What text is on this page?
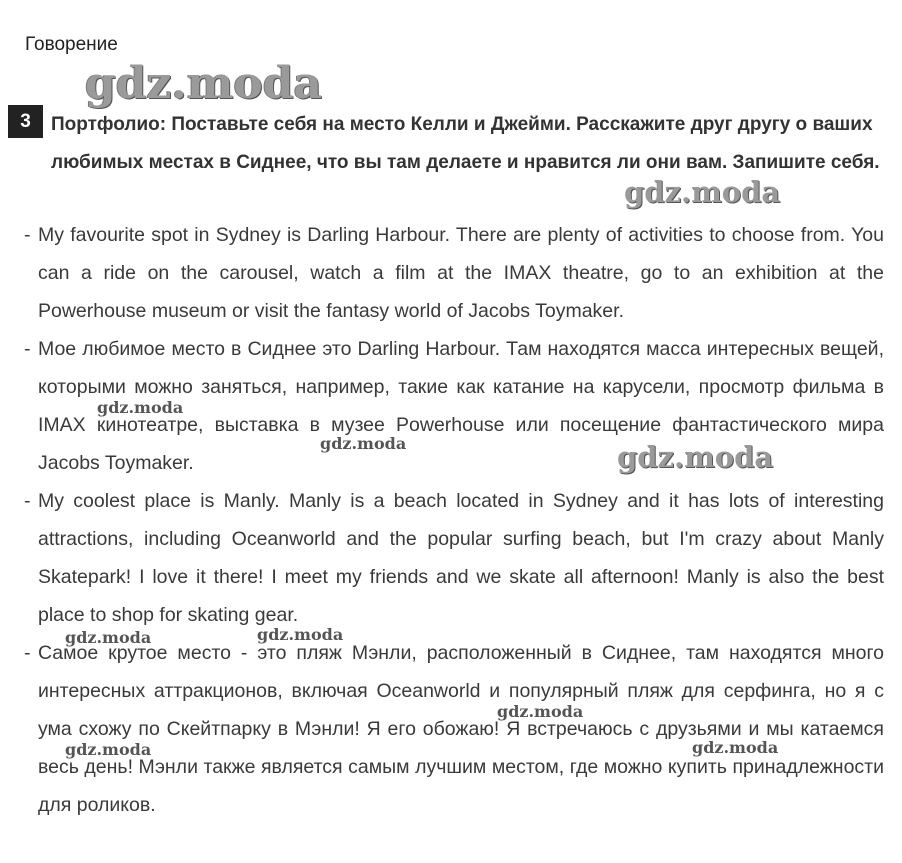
Говорение
3	Портфолио: Поставьте себя на место Келли и Джейми. Расскажите друг другу о ваших любимых местах в Сиднее, что вы там делаете и нравится ли они вам. Запишите себя.

- My favourite spot in Sydney is Darling Harbour. There are plenty of activities to choose from. You can a ride on the carousel, watch a film at the IMAX theatre, go to an exhibition at the Powerhouse museum or visit the fantasy world of Jacobs Toymaker.

- Мое любимое место в Сиднее это Darling Harbour. Там находятся масса интересных вещей, которыми можно заняться, например, такие как катание на карусели, просмотр фильма в IMAX кинотеатре, выставка в музее Powerhouse или посещение фантастического мира Jacobs Toymaker.

- My coolest place is Manly. Manly is a beach located in Sydney and it has lots of interesting attractions, including Oceanworld and the popular surfing beach, but I'm crazy about Manly Skatepark! I love it there! I meet my friends and we skate all afternoon! Manly is also the best place to shop for skating gear.

- Самое крутое место - это пляж Мэнли, расположенный в Сиднее, там находятся много интересных аттракционов, включая Oceanworld и популярный пляж для серфинга, но я с ума схожу по Скейтпарку в Мэнли! Я его обожаю! Я встречаюсь с друзьями и мы катаемся весь день! Мэнли также является самым лучшим местом, где можно купить принадлежности для роликов.

gdz.moda
gdz.moda
gdz.moda
gdz.moda	gdz.moda
gdz.moda	gdz.moda
gdz.moda
gdz.moda	gdz.moda
